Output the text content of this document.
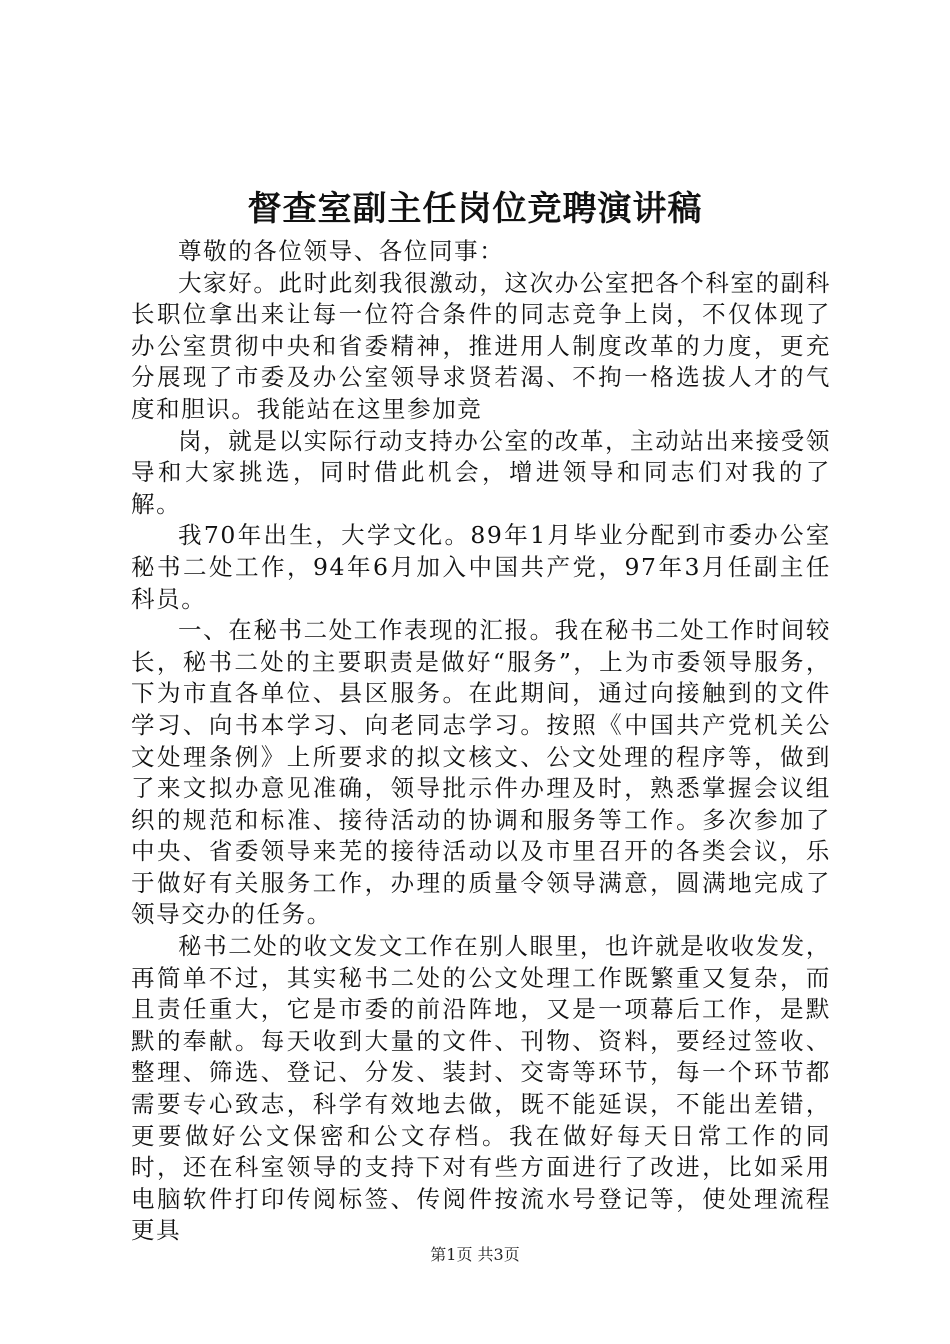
督查室副主任岗位竞聘演讲稿

尊敬的各位领导、各位同事：

大家好。此时此刻我很激动，这次办公室把各个科室的副科长职位拿出来让每一位符合条件的同志竞争上岗，不仅体现了办公室贯彻中央和省委精神，推进用人制度改革的力度，更充分展现了市委及办公室领导求贤若渴、不拘一格选拔人才的气度和胆识。我能站在这里参加竞

岗，就是以实际行动支持办公室的改革，主动站出来接受领导和大家挑选，同时借此机会，增进领导和同志们对我的了解。

我70年出生，大学文化。89年1月毕业分配到市委办公室秘书二处工作，94年6月加入中国共产党，97年3月任副主任科员。

一、在秘书二处工作表现的汇报。我在秘书二处工作时间较长，秘书二处的主要职责是做好“服务”，上为市委领导服务，下为市直各单位、县区服务。在此期间，通过向接触到的文件学习、向书本学习、向老同志学习。按照《中国共产党机关公文处理条例》上所要求的拟文核文、公文处理的程序等，做到了来文拟办意见准确，领导批示件办理及时，熟悉掌握会议组织的规范和标准、接待活动的协调和服务等工作。多次参加了中央、省委领导来芜的接待活动以及市里召开的各类会议，乐于做好有关服务工作，办理的质量令领导满意，圆满地完成了领导交办的任务。

秘书二处的收文发文工作在别人眼里，也许就是收收发发，再简单不过，其实秘书二处的公文处理工作既繁重又复杂，而且责任重大，它是市委的前沿阵地，又是一项幕后工作，是默默的奉献。每天收到大量的文件、刊物、资料，要经过签收、整理、筛选、登记、分发、装封、交寄等环节，每一个环节都需要专心致志，科学有效地去做，既不能延误，不能出差错，更要做好公文保密和公文存档。我在做好每天日常工作的同时，还在科室领导的支持下对有些方面进行了改进，比如采用电脑软件打印传阅标签、传阅件按流水号登记等，使处理流程更具

第1页 共3页
